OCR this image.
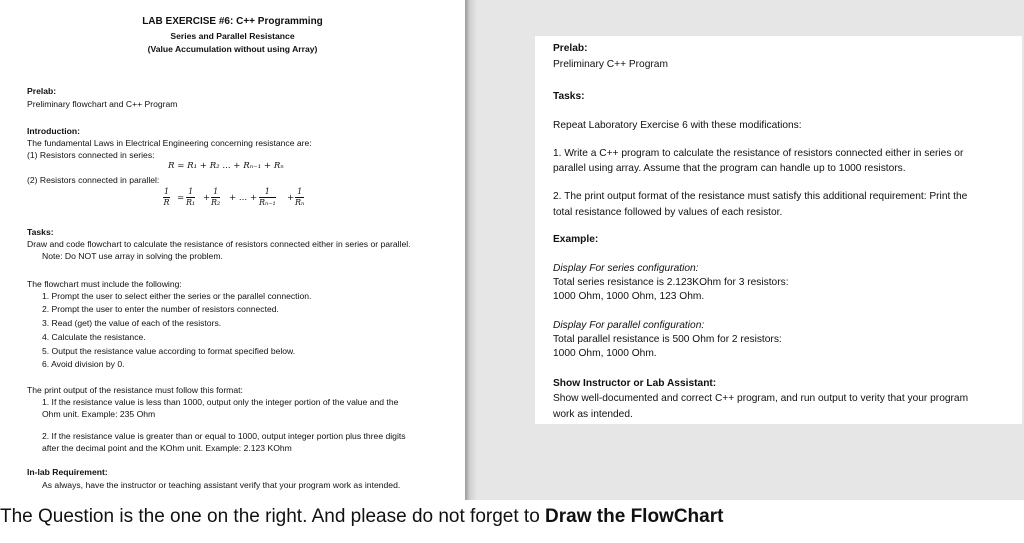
LAB EXERCISE #6: C++ Programming
Series and Parallel Resistance
(Value Accumulation without using Array)
Prelab:
Preliminary flowchart and C++ Program
Introduction:
The fundamental Laws in Electrical Engineering concerning resistance are:
(1) Resistors connected in series:
R = R₁ + R₂ ... + Rₙ₋₁ + Rₙ
(2) Resistors connected in parallel:
$\frac{1}{R} = \frac{1}{\text{R₁}} + \frac{1}{\text{R₂}}$ + ... + $\frac{1}{\text{Rₙ₋₁}} + \frac{1}{\text{Rₙ}}$
Tasks:
Draw and code flowchart to calculate the resistance of resistors connected either in series or parallel.
Note: Do NOT use array in solving the problem.
The flowchart must include the following:
1. Prompt the user to select either the series or the parallel connection.
2. Prompt the user to enter the number of resistors connected.
3. Read (get) the value of each of the resistors.
4. Calculate the resistance.
5. Output the resistance value according to format specified below.
6. Avoid division by 0.
The print output of the resistance must follow this format:
1. If the resistance value is less than 1000, output only the integer portion of the value and the
Ohm unit. Example: 235 Ohm
2. If the resistance value is greater than or equal to 1000, output integer portion plus three digits
after the decimal point and the KOhm unit. Example: 2.123 KOhm
In-lab Requirement:
As always, have the instructor or teaching assistant verify that your program work as intended.
Prelab:
Preliminary C++ Program
Tasks:
Repeat Laboratory Exercise 6 with these modifications:
1. Write a C++ program to calculate the resistance of resistors connected either in series or
parallel using array. Assume that the program can handle up to 1000 resistors.
2. The print output format of the resistance must satisfy this additional requirement: Print the
total resistance followed by values of each resistor.
Example:
Display For series configuration:
Total series resistance is 2.123KOhm for 3 resistors:
1000 Ohm, 1000 Ohm, 123 Ohm.
Display For parallel configuration:
Total parallel resistance is 500 Ohm for 2 resistors:
1000 Ohm, 1000 Ohm.
Show Instructor or Lab Assistant:
Show well-documented and correct C++ program, and run output to verity that your program
work as intended.
The Question is the one on the right. And please do not forget to Draw the FlowChart
